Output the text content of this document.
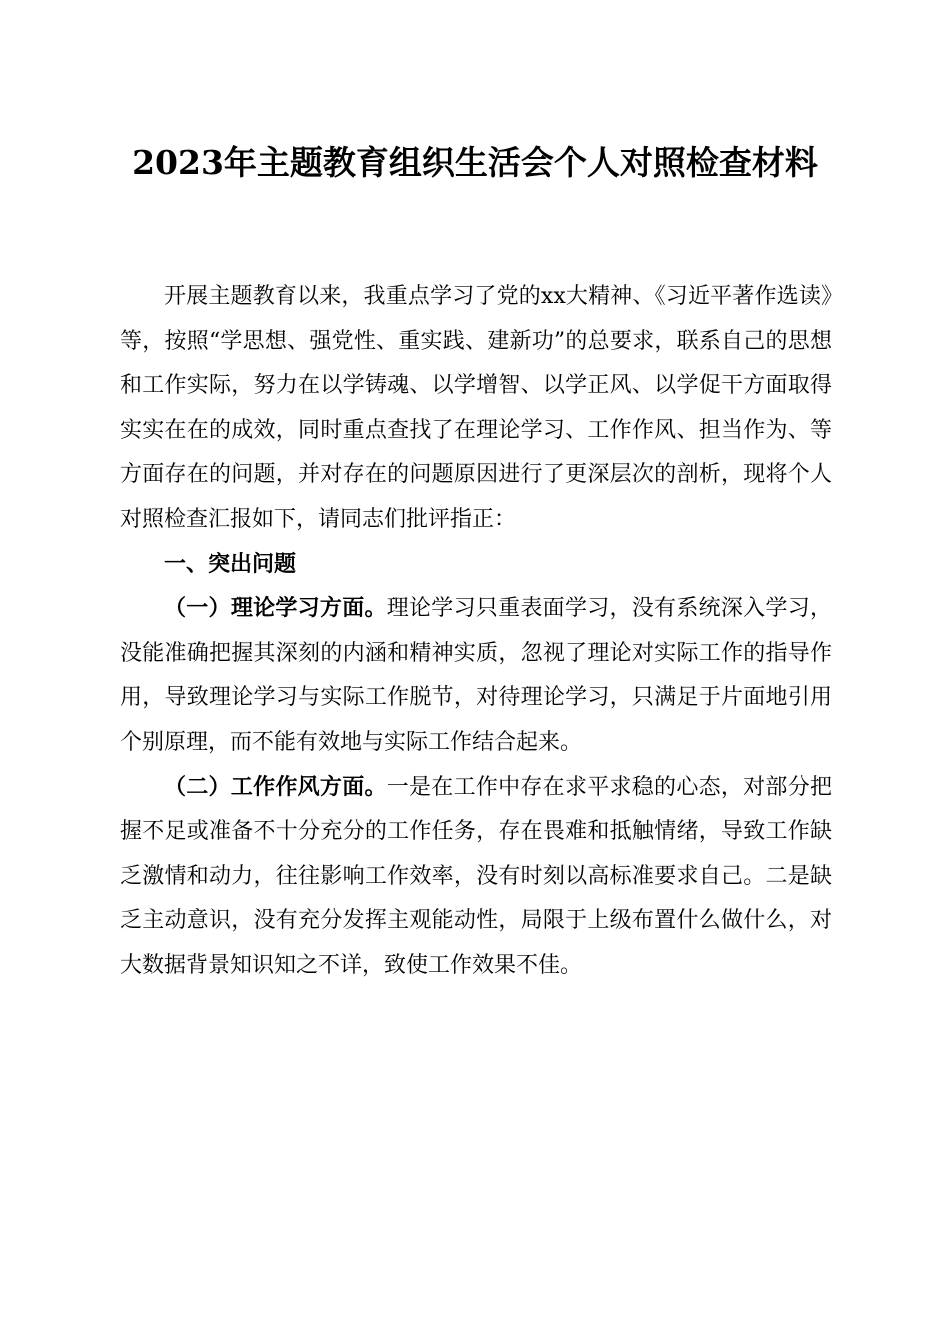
2023年主题教育组织生活会个人对照检查材料

开展主题教育以来，我重点学习了党的xx大精神、《习近平著作选读》等，按照“学思想、强党性、重实践、建新功”的总要求，联系自己的思想和工作实际，努力在以学铸魂、以学增智、以学正风、以学促干方面取得实实在在的成效，同时重点查找了在理论学习、工作作风、担当作为、等方面存在的问题，并对存在的问题原因进行了更深层次的剖析，现将个人对照检查汇报如下，请同志们批评指正：

一、突出问题

（一）理论学习方面。理论学习只重表面学习，没有系统深入学习，没能准确把握其深刻的内涵和精神实质，忽视了理论对实际工作的指导作用，导致理论学习与实际工作脱节，对待理论学习，只满足于片面地引用个别原理，而不能有效地与实际工作结合起来。

（二）工作作风方面。一是在工作中存在求平求稳的心态，对部分把握不足或准备不十分充分的工作任务，存在畏难和抵触情绪，导致工作缺乏激情和动力，往往影响工作效率，没有时刻以高标准要求自己。二是缺乏主动意识，没有充分发挥主观能动性，局限于上级布置什么做什么，对大数据背景知识知之不详，致使工作效果不佳。
